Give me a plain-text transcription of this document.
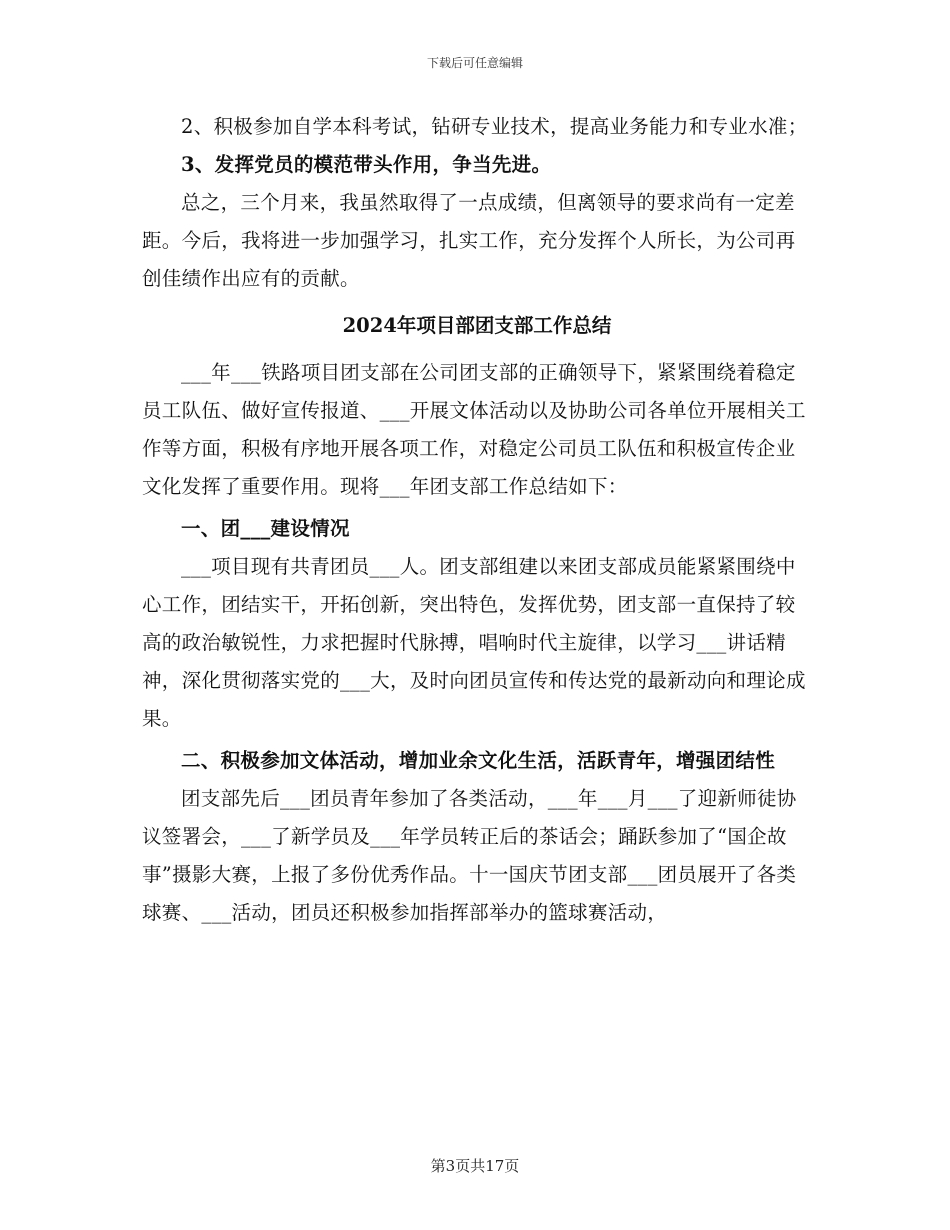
下载后可任意编辑

2、积极参加自学本科考试，钻研专业技术，提高业务能力和专业水准；

3、发挥党员的模范带头作用，争当先进。

总之，三个月来，我虽然取得了一点成绩，但离领导的要求尚有一定差距。今后，我将进一步加强学习，扎实工作，充分发挥个人所长，为公司再创佳绩作出应有的贡献。

2024年项目部团支部工作总结

___年___铁路项目团支部在公司团支部的正确领导下，紧紧围绕着稳定员工队伍、做好宣传报道、___开展文体活动以及协助公司各单位开展相关工作等方面，积极有序地开展各项工作，对稳定公司员工队伍和积极宣传企业文化发挥了重要作用。现将___年团支部工作总结如下：

一、团___建设情况

___项目现有共青团员___人。团支部组建以来团支部成员能紧紧围绕中心工作，团结实干，开拓创新，突出特色，发挥优势，团支部一直保持了较高的政治敏锐性，力求把握时代脉搏，唱响时代主旋律，以学习___讲话精神，深化贯彻落实党的___大，及时向团员宣传和传达党的最新动向和理论成果。

二、积极参加文体活动，增加业余文化生活，活跃青年，增强团结性

团支部先后___团员青年参加了各类活动，___年___月___了迎新师徒协议签署会，___了新学员及___年学员转正后的茶话会；踊跃参加了“国企故事”摄影大赛，上报了多份优秀作品。十一国庆节团支部___团员展开了各类球赛、___活动，团员还积极参加指挥部举办的篮球赛活动，

第3页共17页
